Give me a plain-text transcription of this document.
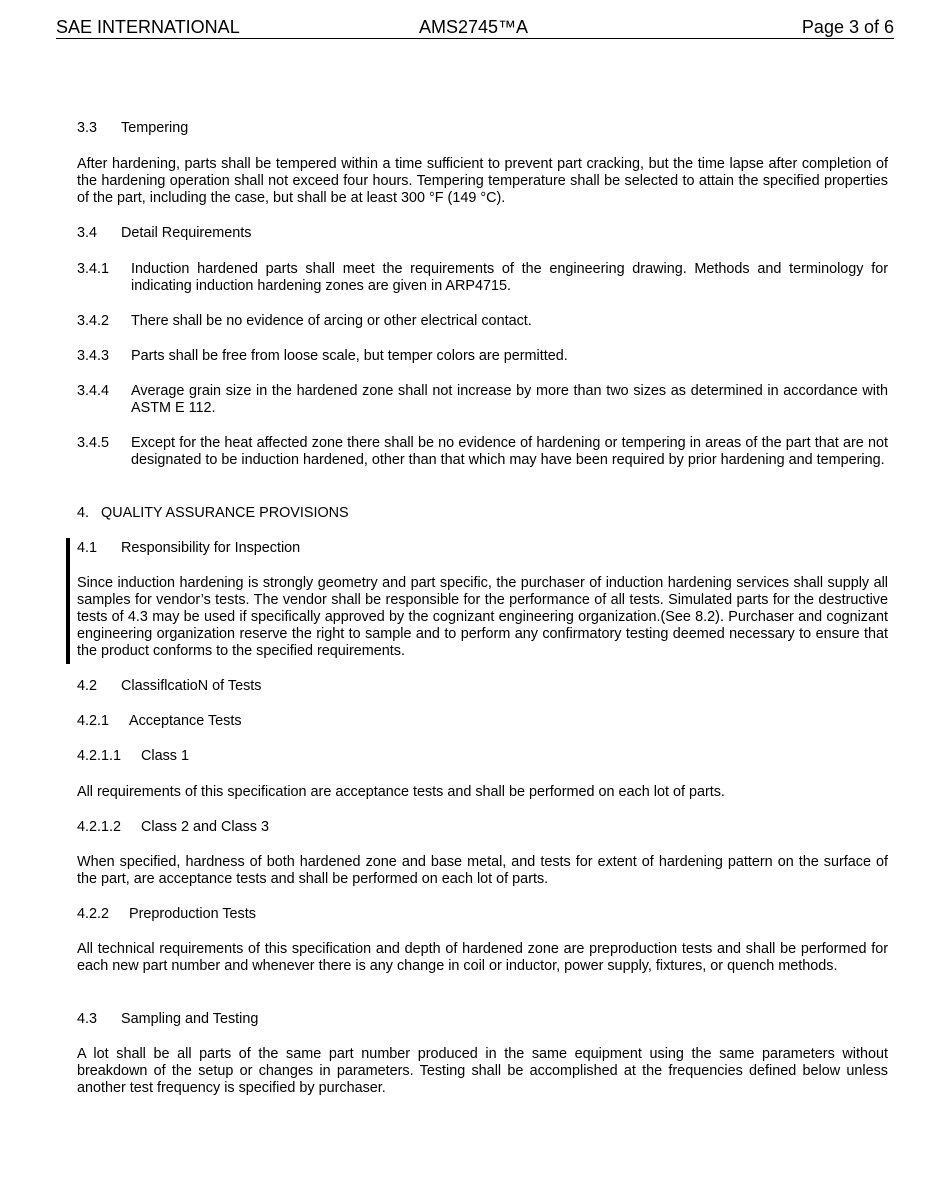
SAE INTERNATIONAL	AMS2745™A	Page 3 of 6
3.3 Tempering

After hardening, parts shall be tempered within a time sufficient to prevent part cracking, but the time lapse after completion of the hardening operation shall not exceed four hours. Tempering temperature shall be selected to attain the specified properties of the part, including the case, but shall be at least 300 °F (149 °C).

3.4 Detail Requirements
3.4.1 Induction hardened parts shall meet the requirements of the engineering drawing. Methods and terminology for indicating induction hardening zones are given in ARP4715.
3.4.2 There shall be no evidence of arcing or other electrical contact.
3.4.3 Parts shall be free from loose scale, but temper colors are permitted.
3.4.4 Average grain size in the hardened zone shall not increase by more than two sizes as determined in accordance with ASTM E 112.
3.4.5 Except for the heat affected zone there shall be no evidence of hardening or tempering in areas of the part that are not designated to be induction hardened, other than that which may have been required by prior hardening and tempering.
4. QUALITY ASSURANCE PROVISIONS
4.1 Responsibility for Inspection

Since induction hardening is strongly geometry and part specific, the purchaser of induction hardening services shall supply all samples for vendor’s tests. The vendor shall be responsible for the performance of all tests. Simulated parts for the destructive tests of 4.3 may be used if specifically approved by the cognizant engineering organization.(See 8.2). Purchaser and cognizant engineering organization reserve the right to sample and to perform any confirmatory testing deemed necessary to ensure that the product conforms to the specified requirements.

4.2 ClassiflcatioN of Tests
4.2.1 Acceptance Tests
4.2.1.1 Class 1

All requirements of this specification are acceptance tests and shall be performed on each lot of parts.

4.2.1.2 Class 2 and Class 3

When specified, hardness of both hardened zone and base metal, and tests for extent of hardening pattern on the surface of the part, are acceptance tests and shall be performed on each lot of parts.

4.2.2 Preproduction Tests

All technical requirements of this specification and depth of hardened zone are preproduction tests and shall be performed for each new part number and whenever there is any change in coil or inductor, power supply, fixtures, or quench methods.

4.3 Sampling and Testing

A lot shall be all parts of the same part number produced in the same equipment using the same parameters without breakdown of the setup or changes in parameters. Testing shall be accomplished at the frequencies defined below unless another test frequency is specified by purchaser.
